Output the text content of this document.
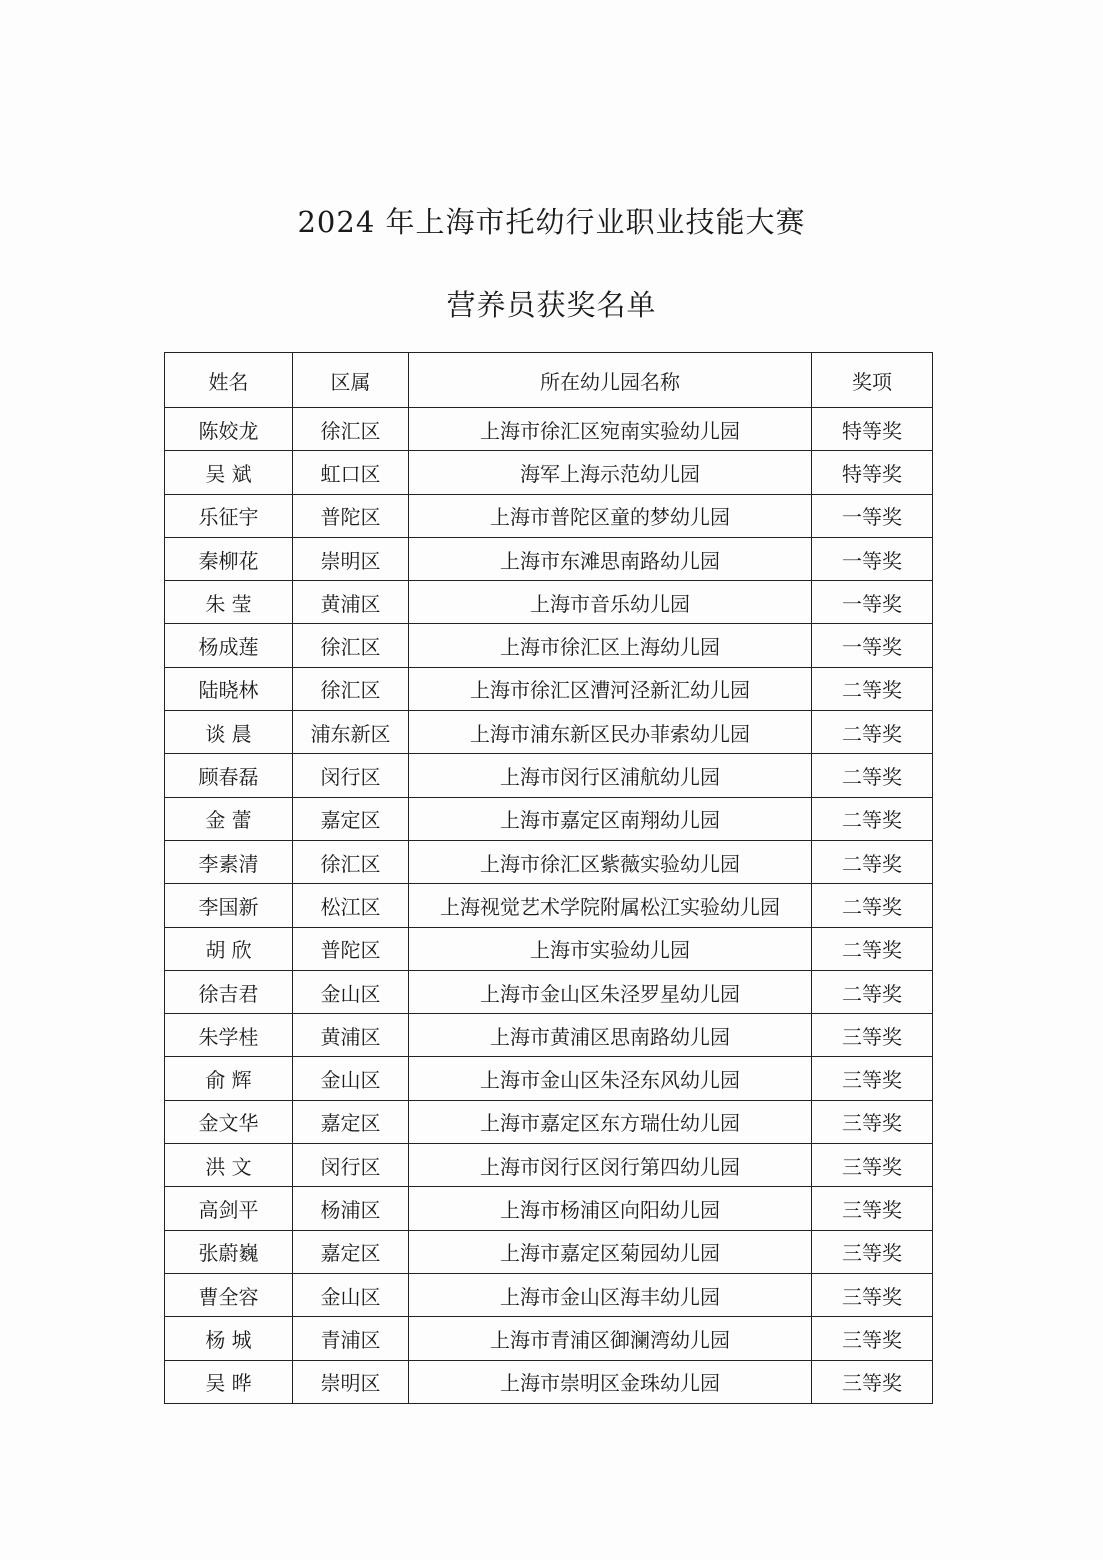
2024 年上海市托幼行业职业技能大赛
营养员获奖名单
姓名	区属	所在幼儿园名称	奖项
陈姣龙	徐汇区	上海市徐汇区宛南实验幼儿园	特等奖
吴 斌	虹口区	海军上海示范幼儿园	特等奖
乐征宇	普陀区	上海市普陀区童的梦幼儿园	一等奖
秦柳花	崇明区	上海市东滩思南路幼儿园	一等奖
朱 莹	黄浦区	上海市音乐幼儿园	一等奖
杨成莲	徐汇区	上海市徐汇区上海幼儿园	一等奖
陆晓林	徐汇区	上海市徐汇区漕河泾新汇幼儿园	二等奖
谈 晨	浦东新区	上海市浦东新区民办菲索幼儿园	二等奖
顾春磊	闵行区	上海市闵行区浦航幼儿园	二等奖
金 蕾	嘉定区	上海市嘉定区南翔幼儿园	二等奖
李素清	徐汇区	上海市徐汇区紫薇实验幼儿园	二等奖
李国新	松江区	上海视觉艺术学院附属松江实验幼儿园	二等奖
胡 欣	普陀区	上海市实验幼儿园	二等奖
徐吉君	金山区	上海市金山区朱泾罗星幼儿园	二等奖
朱学桂	黄浦区	上海市黄浦区思南路幼儿园	三等奖
俞 辉	金山区	上海市金山区朱泾东风幼儿园	三等奖
金文华	嘉定区	上海市嘉定区东方瑞仕幼儿园	三等奖
洪 文	闵行区	上海市闵行区闵行第四幼儿园	三等奖
高剑平	杨浦区	上海市杨浦区向阳幼儿园	三等奖
张蔚巍	嘉定区	上海市嘉定区菊园幼儿园	三等奖
曹全容	金山区	上海市金山区海丰幼儿园	三等奖
杨 城	青浦区	上海市青浦区御澜湾幼儿园	三等奖
吴 晔	崇明区	上海市崇明区金珠幼儿园	三等奖
